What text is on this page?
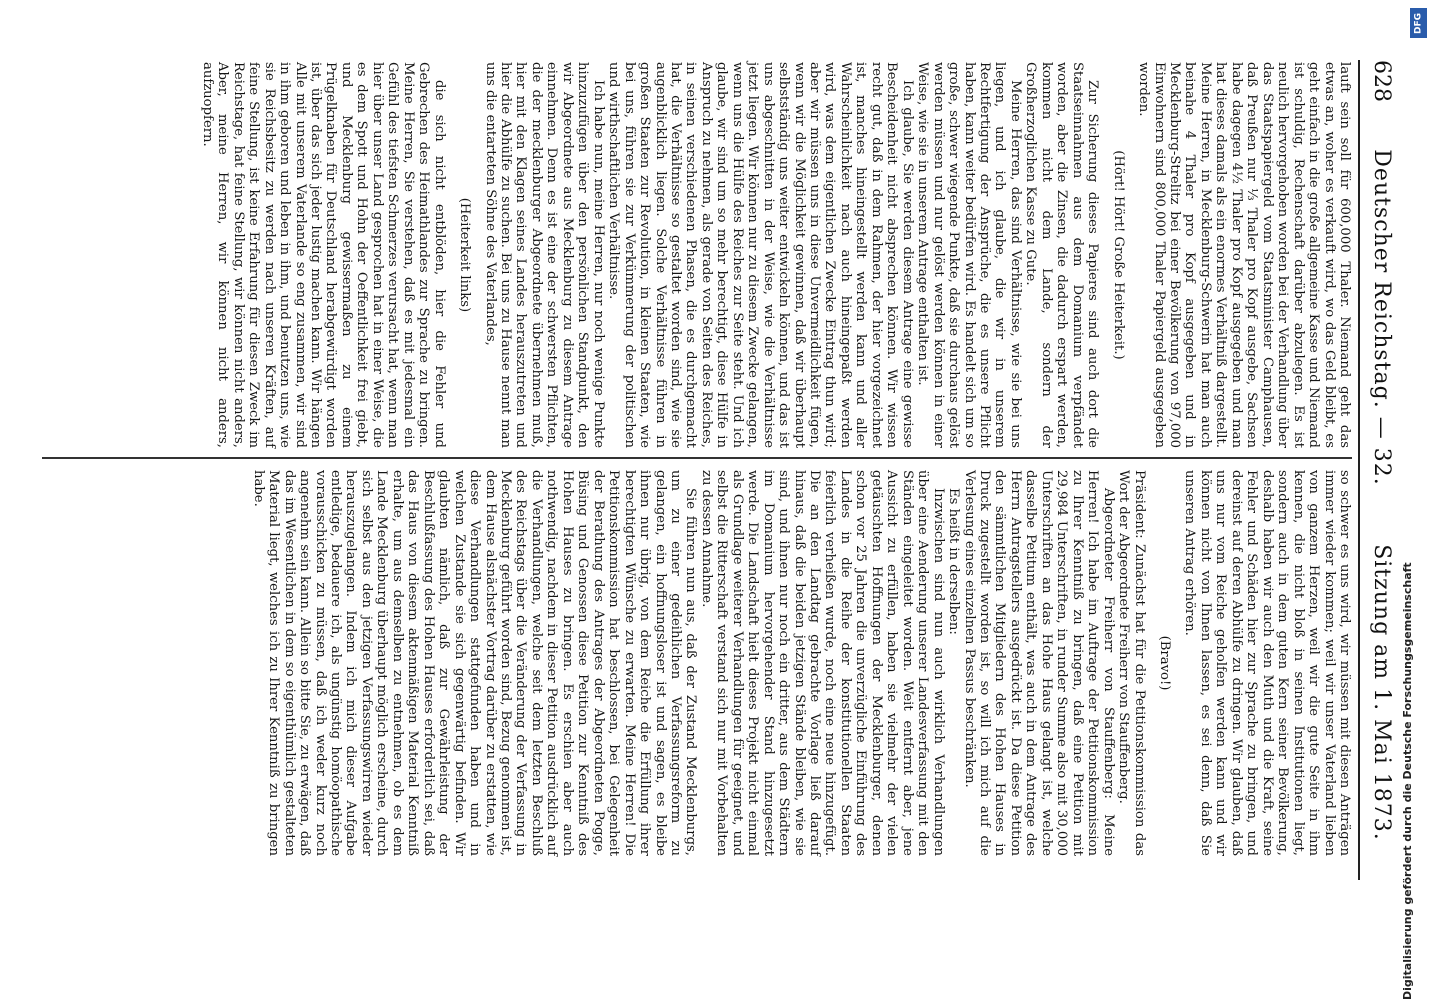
628
Deutscher Reichstag. — 32.
Sitzung am 1. Mai 1873.

lauft sein soll für 600,000 Thaler. Niemand geht das etwas an, woher es verkauft wird, wo das Geld bleibt, es geht einfach in die große allgemeine Kasse und Niemand ist schuldig, Rechenschaft darüber abzulegen. Es ist neulich hervorgehoben worden bei der Verhandlung über das Staatspapiergeld vom Staatsminister Camphausen, daß Preußen nur ⅓ Thaler pro Kopf ausgebe, Sachsen habe dagegen 4½ Thaler pro Kopf ausgegeben und man hat dieses damals als ein enormes Verhältniß dargestellt. Meine Herren, in Mecklenburg-Schwerin hat man auch beinahe 4 Thaler pro Kopf ausgegeben und in Mecklenburg-Strelitz bei einer Bevölkerung von 97,000 Einwohnern sind 800,000 Thaler Papiergeld ausgegeben worden.

(Hört! Hört! Große Heiterkeit.)

Zur Sicherung dieses Papieres sind auch dort die Staatseinnahmen aus dem Domanium verpfändet worden, aber die Zinsen, die dadurch erspart werden, kommen nicht dem Lande, sondern der Großherzoglichen Kasse zu Gute.

Meine Herren, das sind Verhältnisse, wie sie bei uns liegen, und ich glaube, die wir in unserem Rechtfertigung der Ansprüche, die es unsere Pflicht haben, kann weiter bedürfen wird. Es handelt sich um so große, schwer wiegende Punkte, daß sie durchaus gelöst werden müssen und nur gelöst werden können in einer Weise, wie sie in unserem Antrage enthalten ist.

Ich glaube, Sie werden diesem Antrage eine gewisse Bescheidenheit nicht absprechen können. Wir wissen recht gut, daß in dem Rahmen, der hier vorgezeichnet ist, manches hineingestellt werden kann und aller Wahrscheinlichkeit nach auch hineingepaßt werden wird, was dem eigentlichen Zwecke Eintrag thun wird; aber wir müssen uns in diese Unvermeidlichkeit fügen, wenn wir die Möglichkeit gewinnen, daß wir überhaupt selbstständig uns weiter entwickeln können, und das ist uns abgeschnitten in der Weise, wie die Verhältnisse jetzt liegen. Wir können nur zu diesem Zwecke gelangen, wenn uns die Hülfe des Reiches zur Seite steht. Und ich glaube, wir sind um so mehr berechtigt, diese Hülfe in Anspruch zu nehmen, als gerade von Seiten des Reiches, in seinen verschiedenen Phasen, die es durchgemacht hat, die Verhältnisse so gestaltet worden sind, wie sie augenblicklich liegen. Solche Verhältnisse führen in großen Staaten zur Revolution, in kleinen Staaten, wie bei uns, führen sie zur Verkümmerung der politischen und wirthschaftlichen Verhältnisse.

Ich habe nun, meine Herren, nur noch wenige Punkte hinzuzufügen über den persönlichen Standpunkt, den wir Abgeordnete aus Mecklenburg zu diesem Antrage einnehmen. Denn es ist eine der schwersten Pflichten, die der mecklenburger Abgeordnete übernehmen muß, hier mit den Klagen seines Landes herauszutreten und hier die Abhülfe zu suchen. Bei uns zu Hause nennt man uns die entarteten Söhne des Vaterlandes,

(Heiterkeit links)

die sich nicht entblöden, hier die Fehler und Gebrechen des Heimathlandes zur Sprache zu bringen. Meine Herren, Sie verstehen, daß es mit jedesmal ein Gefühl des tiefsten Schmerzes verursacht hat, wenn man hier über unser Land gesprochen hat in einer Weise, die es dem Spott und Hohn der Oeffentlichkeit frei giebt, und Mecklenburg gewissermaßen zu einem Prügelknaben für Deutschland herabgewürdigt worden ist, über das sich jeder lustig machen kann. Wir hängen Alle mit unserem Vaterlande so eng zusammen, wir sind in ihm geboren und leben in ihm, und benutzen uns, wie sie Reichsbesitz zu werden nach unseren Kräften, auf feine Stellung, ist keine Erfahrung für diesen Zweck im Reichstage, hat feine Stellung, wir können nicht anders, Aber, meine Herren, wir können nicht anders, aufzuopfern.

so schwer es uns wird, wir müssen mit diesen Anträgen immer wieder kommen; weil wir unser Vaterland lieben von ganzem Herzen, weil wir die gute Seite in ihm kennen, die nicht bloß in seinen Institutionen liegt, sondern auch in dem guten Kern seiner Bevölkerung, deshalb haben wir auch den Muth und die Kraft, seine Fehler und Schäden hier zur Sprache zu bringen, und dereinst auf deren Abhülfe zu dringen. Wir glauben, daß uns nur vom Reiche geholfen werden kann und wir können nicht von Ihnen lassen, es sei denn, daß Sie unseren Antrag erhören.

(Bravo!)

Präsident: Zunächst hat für die Petitionskommission das Wort der Abgeordnete Freiherr von Stauffenberg.

Abgeordneter Freiherr von Stauffenberg: Meine Herren! Ich habe im Auftrage der Petitionskommission zu Ihrer Kenntniß zu bringen, daß eine Petition mit 29,984 Unterschriften, in runder Summe also mit 30,000 Unterschriften an das Hohe Haus gelangt ist, welche dasselbe Petitum enthält, was auch in dem Antrage des Herrn Antragstellers ausgedrückt ist. Da diese Petition den sämmtlichen Mitgliedern des Hohen Hauses in Druck zugestellt worden ist, so will ich mich auf die Verlesung eines einzelnen Passus beschränken.

Es heißt in derselben:

Inzwischen sind nun auch wirklich Verhandlungen über eine Aenderung unserer Landesverfassung mit den Ständen eingeleitet worden. Weit entfernt aber, jene Aussicht zu erfüllen, haben sie vielmehr der vielen getäuschten Hoffnungen der Mecklenburger, denen schon vor 25 Jahren die unverzügliche Einführung des Landes in die Reihe der konstitutionellen Staaten feierlich verheißen wurde, noch eine neue hinzugefügt. Die an den Landtag gebrachte Vorlage ließ darauf hinaus, daß die beiden jetzigen Stände bleiben, wie sie sind, und ihnen nur noch ein dritter, aus dem Städtern im Domanium hervorgehender Stand hinzugesetzt werde. Die Landschaft hielt dieses Projekt nicht einmal als Grundlage weiterer Verhandlungen für geeignet, und selbst die Ritterschaft verstand sich nur mit Vorbehalten zu dessen Annahme.

Sie führen nun aus, daß der Zustand Mecklenburgs, um zu einer gedeihlichen Verfassungsreform zu gelangen, ein hoffnungsloser ist und sagen, es bleibe ihnen nur übrig, von dem Reiche die Erfüllung ihrer berechtigten Wünsche zu erwarten. Meine Herren! Die Petitionskommission hat beschlossen, bei Gelegenheit der Berathung des Antrages der Abgeordneten Pogge, Büsing und Genossen diese Petition zur Kenntniß des Hohen Hauses zu bringen. Es erschien aber auch nothwendig, nachdem in dieser Petition ausdrücklich auf die Verhandlungen, welche seit dem letzten Beschluß des Reichstags über die Veränderung der Verfassung in Mecklenburg geführt worden sind, Bezug genommen ist, dem Hause alsnächster Vortrag darüber zu erstatten, wie diese Verhandlungen stattgefunden haben und in welchen Zustande sie sich gegenwärtig befinden. Wir glaubten nämlich, daß zur Gewährleistung der Beschlußfassung des Hohen Hauses erforderlich sei, daß das Haus von diesem aktenmäßigen Material Kenntniß erhalte, um aus demselben zu entnehmen, ob es dem Lande Mecklenburg überhaupt möglich erscheine, durch sich selbst aus den jetzigen Verfassungswirren wieder herauszugelangen. Indem ich mich dieser Aufgabe entledige, bedauere ich, als ungünstig homöopathische vorausschicken zu müssen, daß ich weder kurz noch angenehm sein kann. Allein so bitte Sie, zu erwägen, daß das im Wesentlichen in dem so eigenthümlich gestalteten Material liegt, welches ich zu Ihrer Kenntniß zu bringen habe.

Digitalisierung gefördert durch die Deutsche Forschungsgemeinschaft
DFG
